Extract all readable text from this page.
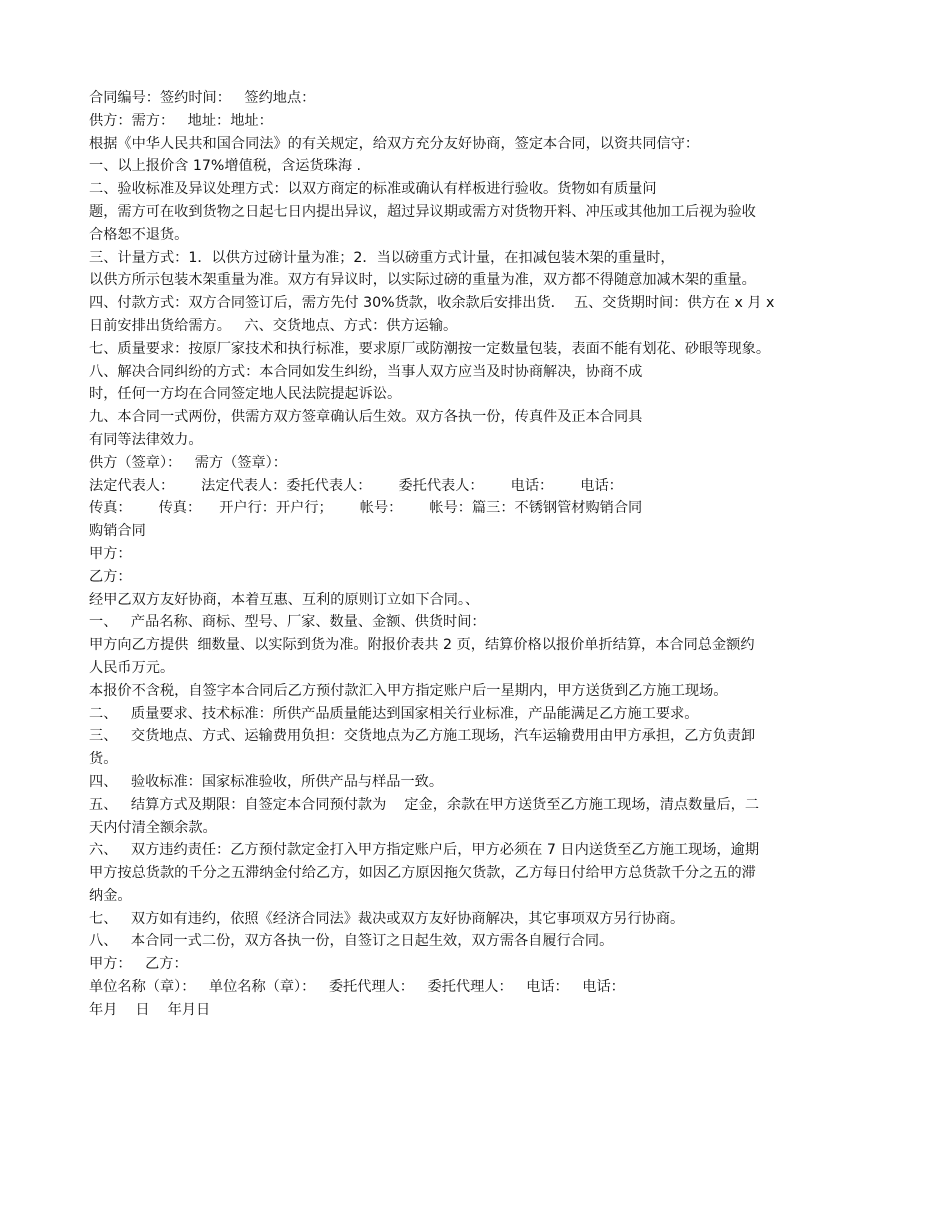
合同编号：签约时间：   签约地点：
供方：需方：   地址：地址：
根据《中华人民共和国合同法》的有关规定，给双方充分友好协商，签定本合同，以资共同信守：
一、以上报价含 17%增值税，含运货珠海 .
二、验收标准及异议处理方式：以双方商定的标准或确认有样板进行验收。货物如有质量问
题，需方可在收到货物之日起七日内提出异议，超过异议期或需方对货物开料、冲压或其他加工后视为验收
合格恕不退货。
三、计量方式：1．以供方过磅计量为准；2．当以磅重方式计量，在扣减包装木架的重量时，
以供方所示包装木架重量为准。双方有异议时，以实际过磅的重量为准，双方都不得随意加减木架的重量。
四、付款方式：双方合同签订后，需方先付 30%货款，收余款后安排出货．  五、交货期时间：供方在 x 月 x
日前安排出货给需方。   六、交货地点、方式：供方运输。
七、质量要求：按原厂家技术和执行标准，要求原厂或防潮按一定数量包装，表面不能有划花、砂眼等现象。
八、解决合同纠纷的方式：本合同如发生纠纷，当事人双方应当及时协商解决，协商不成
时，任何一方均在合同签定地人民法院提起诉讼。
九、本合同一式两份，供需方双方签章确认后生效。双方各执一份，传真件及正本合同具
有同等法律效力。
供方（签章）：   需方（签章）：
法定代表人：      法定代表人：委托代表人：      委托代表人：      电话：      电话：
传真：      传真：    开户行：开户行；      帐号：      帐号：篇三：不锈钢管材购销合同
购销合同
甲方：
乙方：
经甲乙双方友好协商，本着互惠、互利的原则订立如下合同。、
一、   产品名称、商标、型号、厂家、数量、金额、供货时间：
甲方向乙方提供  细数量、以实际到货为准。附报价表共 2 页，结算价格以报价单折结算，本合同总金额约
人民币万元。
本报价不含税，自签字本合同后乙方预付款汇入甲方指定账户后一星期内，甲方送货到乙方施工现场。
二、   质量要求、技术标准：所供产品质量能达到国家相关行业标准，产品能满足乙方施工要求。
三、   交货地点、方式、运输费用负担：交货地点为乙方施工现场，汽车运输费用由甲方承担，乙方负责卸
货。
四、   验收标准：国家标准验收，所供产品与样品一致。
五、   结算方式及期限：自签定本合同预付款为    定金，余款在甲方送货至乙方施工现场，清点数量后，二
天内付清全额余款。
六、   双方违约责任：乙方预付款定金打入甲方指定账户后，甲方必须在 7 日内送货至乙方施工现场，逾期
甲方按总货款的千分之五滞纳金付给乙方，如因乙方原因拖欠货款，乙方每日付给甲方总货款千分之五的滞
纳金。
七、   双方如有违约，依照《经济合同法》裁决或双方友好协商解决，其它事项双方另行协商。
八、   本合同一式二份，双方各执一份，自签订之日起生效，双方需各自履行合同。
甲方：   乙方：
单位名称（章）：   单位名称（章）：   委托代理人：   委托代理人：   电话：   电话：
年月    日    年月日
